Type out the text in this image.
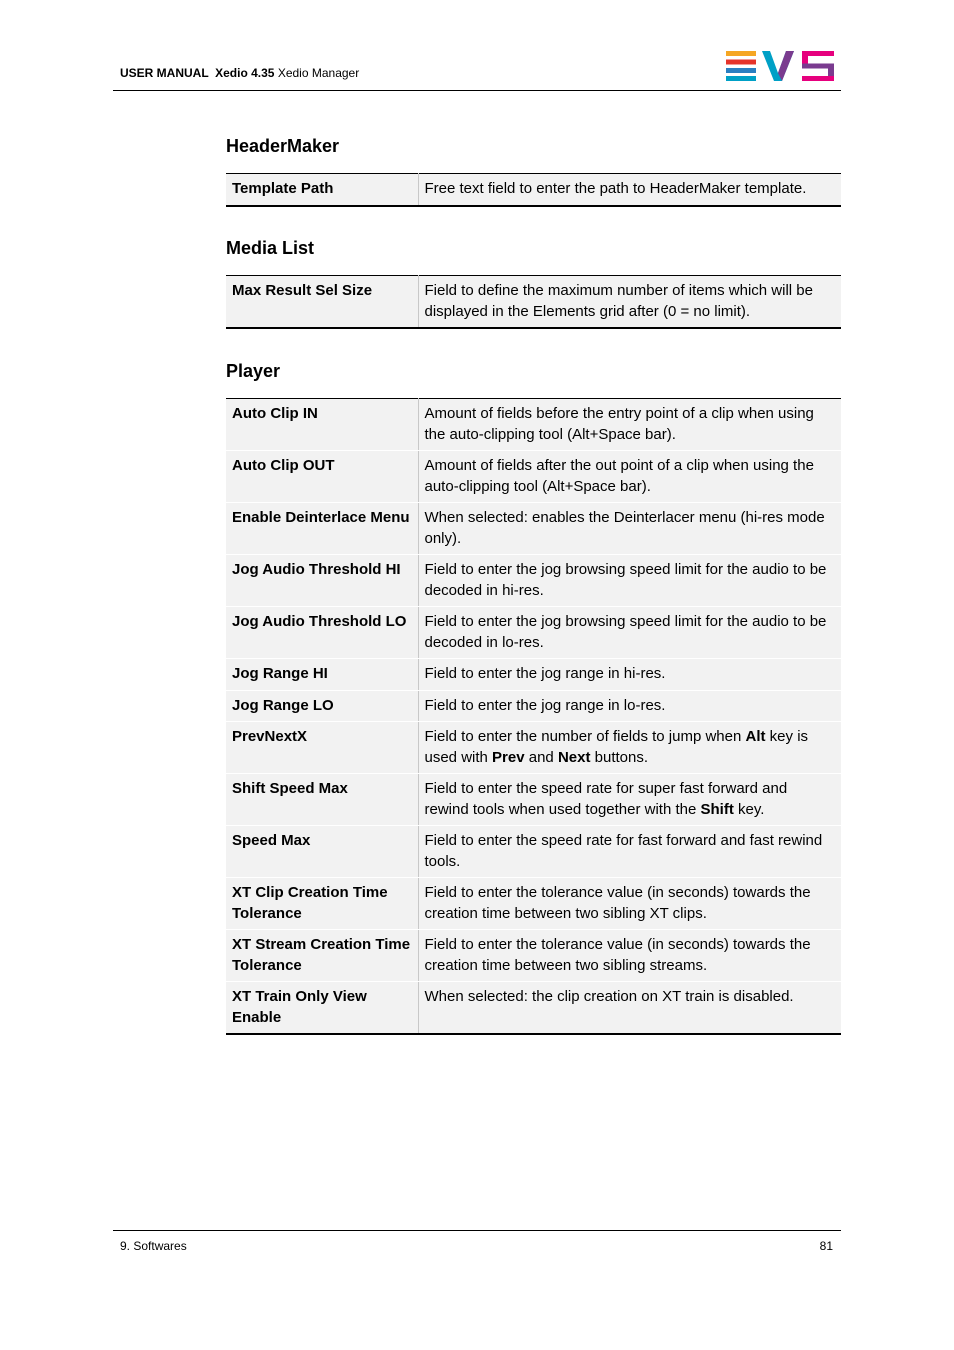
USER MANUAL  Xedio 4.35 Xedio Manager
HeaderMaker
Template Path	Free text field to enter the path to HeaderMaker template.
Media List
Max Result Sel Size	Field to define the maximum number of items which will be displayed in the Elements grid after (0 = no limit).
Player
Auto Clip IN	Amount of fields before the entry point of a clip when using the auto-clipping tool (Alt+Space bar).
Auto Clip OUT	Amount of fields after the out point of a clip when using the auto-clipping tool (Alt+Space bar).
Enable Deinterlace Menu	When selected: enables the Deinterlacer menu (hi-res mode only).
Jog Audio Threshold HI	Field to enter the jog browsing speed limit for the audio to be decoded in hi-res.
Jog Audio Threshold LO	Field to enter the jog browsing speed limit for the audio to be decoded in lo-res.
Jog Range HI	Field to enter the jog range in hi-res.
Jog Range LO	Field to enter the jog range in lo-res.
PrevNextX	Field to enter the number of fields to jump when Alt key is used with Prev and Next buttons.
Shift Speed Max	Field to enter the speed rate for super fast forward and rewind tools when used together with the Shift key.
Speed Max	Field to enter the speed rate for fast forward and fast rewind tools.
XT Clip Creation Time Tolerance	Field to enter the tolerance value (in seconds) towards the creation time between two sibling XT clips.
XT Stream Creation Time Tolerance	Field to enter the tolerance value (in seconds) towards the creation time between two sibling streams.
XT Train Only View Enable	When selected: the clip creation on XT train is disabled.
9. Softwares	81
